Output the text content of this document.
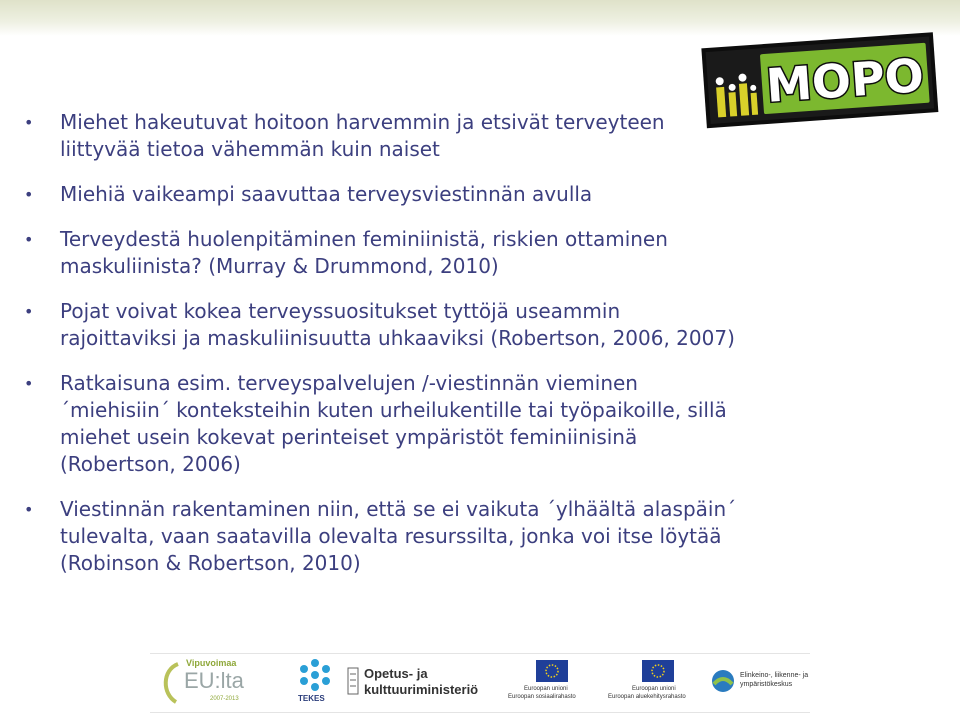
MOPO
• Miehet hakeutuvat hoitoon harvemmin ja etsivät terveyteen liittyvää tietoa vähemmän kuin naiset
• Miehiä vaikeampi saavuttaa terveysviestinnän avulla
• Terveydestä huolenpitäminen feminiinistä, riskien ottaminen maskuliinista? (Murray & Drummond, 2010)
• Pojat voivat kokea terveyssuositukset tyttöjä useammin rajoittaviksi ja maskuliinisuutta uhkaaviksi (Robertson, 2006, 2007)
• Ratkaisuna esim. terveyspalvelujen /-viestinnän vieminen ´miehisiin´ konteksteihin kuten urheilukentille tai työpaikoille, sillä miehet usein kokevat perinteiset ympäristöt feminiinisinä (Robertson, 2006)
• Viestinnän rakentaminen niin, että se ei vaikuta ´ylhäältä alaspäin´ tulevalta, vaan saatavilla olevalta resurssilta, jonka voi itse löytää (Robinson & Robertson, 2010)
Vipuvoimaa
EU:lta
2007-2013	TEKES
Opetus- ja
kulttuuriministeriö	Euroopan unioni
Euroopan sosiaalirahasto
Euroopan unioni
Euroopan aluekehitysrahasto
Elinkeino-, liikenne- ja
ympäristökeskus
